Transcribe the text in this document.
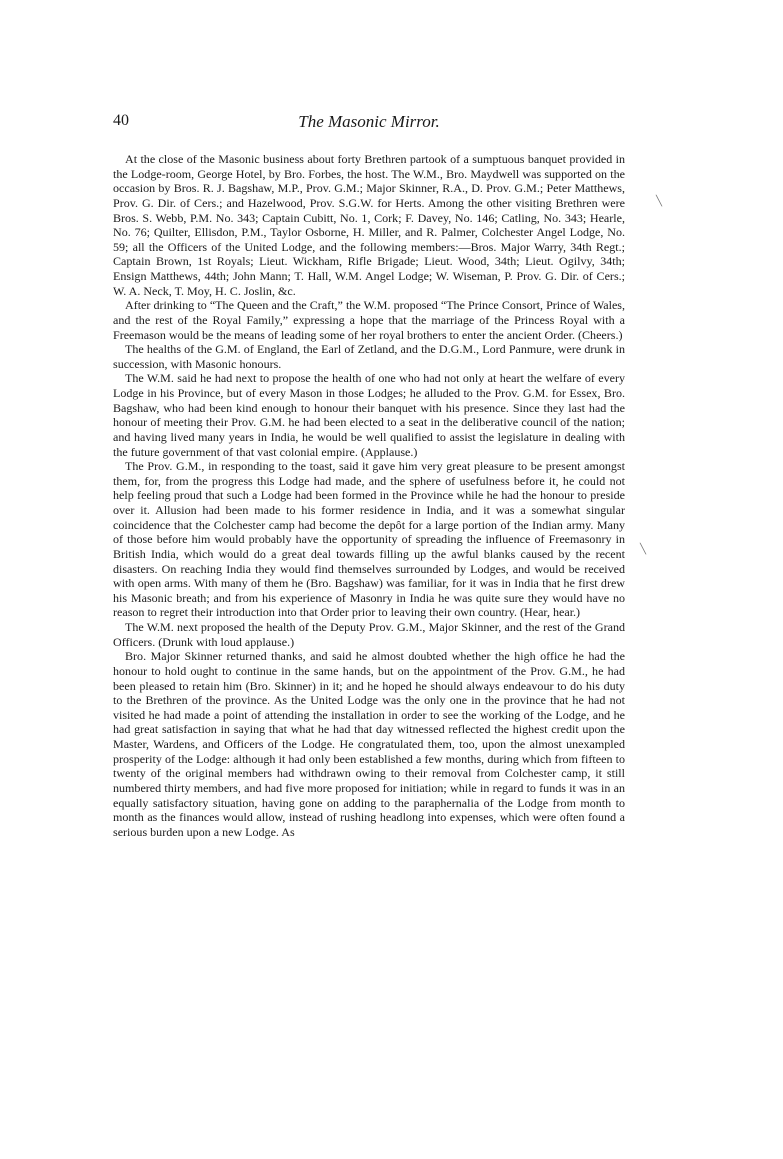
40	The Masonic Mirror.

At the close of the Masonic business about forty Brethren partook of a sumptuous banquet provided in the Lodge-room, George Hotel, by Bro. Forbes, the host. The W.M., Bro. Maydwell was supported on the occasion by Bros. R. J. Bagshaw, M.P., Prov. G.M.; Major Skinner, R.A., D. Prov. G.M.; Peter Matthews, Prov. G. Dir. of Cers.; and Hazelwood, Prov. S.G.W. for Herts. Among the other visiting Brethren were Bros. S. Webb, P.M. No. 343; Captain Cubitt, No. 1, Cork; F. Davey, No. 146; Catling, No. 343; Hearle, No. 76; Quilter, Ellisdon, P.M., Taylor Osborne, H. Miller, and R. Palmer, Colchester Angel Lodge, No. 59; all the Officers of the United Lodge, and the following members:—Bros. Major Warry, 34th Regt.; Captain Brown, 1st Royals; Lieut. Wickham, Rifle Brigade; Lieut. Wood, 34th; Lieut. Ogilvy, 34th; Ensign Matthews, 44th; John Mann; T. Hall, W.M. Angel Lodge; W. Wiseman, P. Prov. G. Dir. of Cers.; W. A. Neck, T. Moy, H. C. Joslin, &c.

After drinking to “The Queen and the Craft,” the W.M. proposed “The Prince Consort, Prince of Wales, and the rest of the Royal Family,” expressing a hope that the marriage of the Princess Royal with a Freemason would be the means of leading some of her royal brothers to enter the ancient Order. (Cheers.)

The healths of the G.M. of England, the Earl of Zetland, and the D.G.M., Lord Panmure, were drunk in succession, with Masonic honours.

The W.M. said he had next to propose the health of one who had not only at heart the welfare of every Lodge in his Province, but of every Mason in those Lodges; he alluded to the Prov. G.M. for Essex, Bro. Bagshaw, who had been kind enough to honour their banquet with his presence. Since they last had the honour of meeting their Prov. G.M. he had been elected to a seat in the deliberative council of the nation; and having lived many years in India, he would be well qualified to assist the legislature in dealing with the future government of that vast colonial empire. (Applause.)

The Prov. G.M., in responding to the toast, said it gave him very great pleasure to be present amongst them, for, from the progress this Lodge had made, and the sphere of usefulness before it, he could not help feeling proud that such a Lodge had been formed in the Province while he had the honour to preside over it. Allusion had been made to his former residence in India, and it was a somewhat singular coincidence that the Colchester camp had become the depôt for a large portion of the Indian army. Many of those before him would probably have the opportunity of spreading the influence of Freemasonry in British India, which would do a great deal towards filling up the awful blanks caused by the recent disasters. On reaching India they would find themselves surrounded by Lodges, and would be received with open arms. With many of them he (Bro. Bagshaw) was familiar, for it was in India that he first drew his Masonic breath; and from his experience of Masonry in India he was quite sure they would have no reason to regret their introduction into that Order prior to leaving their own country. (Hear, hear.)

The W.M. next proposed the health of the Deputy Prov. G.M., Major Skinner, and the rest of the Grand Officers. (Drunk with loud applause.)

Bro. Major Skinner returned thanks, and said he almost doubted whether the high office he had the honour to hold ought to continue in the same hands, but on the appointment of the Prov. G.M., he had been pleased to retain him (Bro. Skinner) in it; and he hoped he should always endeavour to do his duty to the Brethren of the province. As the United Lodge was the only one in the province that he had not visited he had made a point of attending the installation in order to see the working of the Lodge, and he had great satisfaction in saying that what he had that day witnessed reflected the highest credit upon the Master, Wardens, and Officers of the Lodge. He congratulated them, too, upon the almost unexampled prosperity of the Lodge: although it had only been established a few months, during which from fifteen to twenty of the original members had withdrawn owing to their removal from Colchester camp, it still numbered thirty members, and had five more proposed for initiation; while in regard to funds it was in an equally satisfactory situation, having gone on adding to the paraphernalia of the Lodge from month to month as the finances would allow, instead of rushing headlong into expenses, which were often found a serious burden upon a new Lodge. As

╲
╲
